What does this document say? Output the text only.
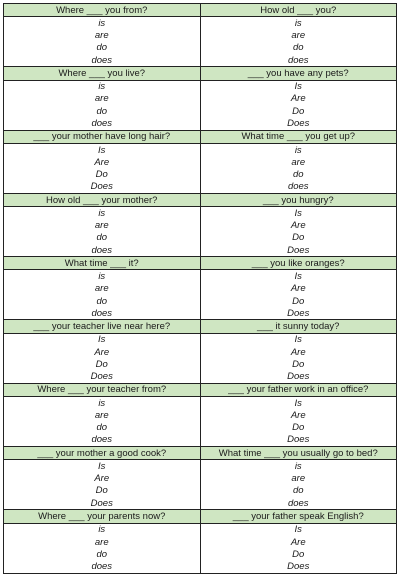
Where ___ you from?	How old ___ you?
is	is
are	are
do	do
does	does
Where ___ you live?	___ you have any pets?
is	Is
are	Are
do	Do
does	Does
___ your mother have long hair?	What time ___ you get up?
Is	is
Are	are
Do	do
Does	does
How old ___ your mother?	___ you hungry?
is	Is
are	Are
do	Do
does	Does
What time ___ it?	___ you like oranges?
is	Is
are	Are
do	Do
does	Does
___ your teacher live near here?	___ it sunny today?
Is	Is
Are	Are
Do	Do
Does	Does
Where ___ your teacher from?	___ your father work in an office?
is	Is
are	Are
do	Do
does	Does
___ your mother a good cook?	What time ___ you usually go to bed?
Is	is
Are	are
Do	do
Does	does
Where ___ your parents now?	___ your father speak English?
is	Is
are	Are
do	Do
does	Does
